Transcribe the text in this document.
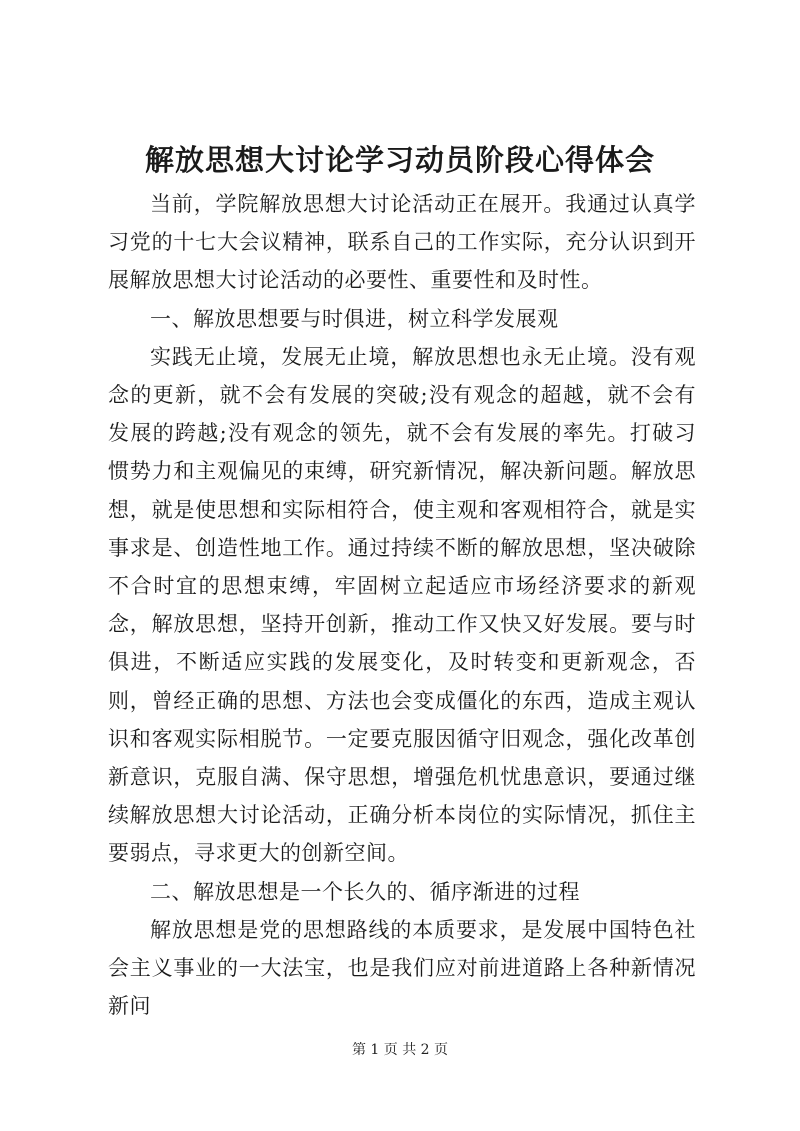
解放思想大讨论学习动员阶段心得体会

当前，学院解放思想大讨论活动正在展开。我通过认真学习党的十七大会议精神，联系自己的工作实际，充分认识到开展解放思想大讨论活动的必要性、重要性和及时性。

一、解放思想要与时俱进，树立科学发展观

实践无止境，发展无止境，解放思想也永无止境。没有观念的更新，就不会有发展的突破;没有观念的超越，就不会有发展的跨越;没有观念的领先，就不会有发展的率先。打破习惯势力和主观偏见的束缚，研究新情况，解决新问题。解放思想，就是使思想和实际相符合，使主观和客观相符合，就是实事求是、创造性地工作。通过持续不断的解放思想，坚决破除不合时宜的思想束缚，牢固树立起适应市场经济要求的新观念，解放思想，坚持开创新，推动工作又快又好发展。要与时俱进，不断适应实践的发展变化，及时转变和更新观念，否则，曾经正确的思想、方法也会变成僵化的东西，造成主观认识和客观实际相脱节。一定要克服因循守旧观念，强化改革创新意识，克服自满、保守思想，增强危机忧患意识，要通过继续解放思想大讨论活动，正确分析本岗位的实际情况，抓住主要弱点，寻求更大的创新空间。

二、解放思想是一个长久的、循序渐进的过程

解放思想是党的思想路线的本质要求，是发展中国特色社会主义事业的一大法宝，也是我们应对前进道路上各种新情况新问

第 1 页 共 2 页
